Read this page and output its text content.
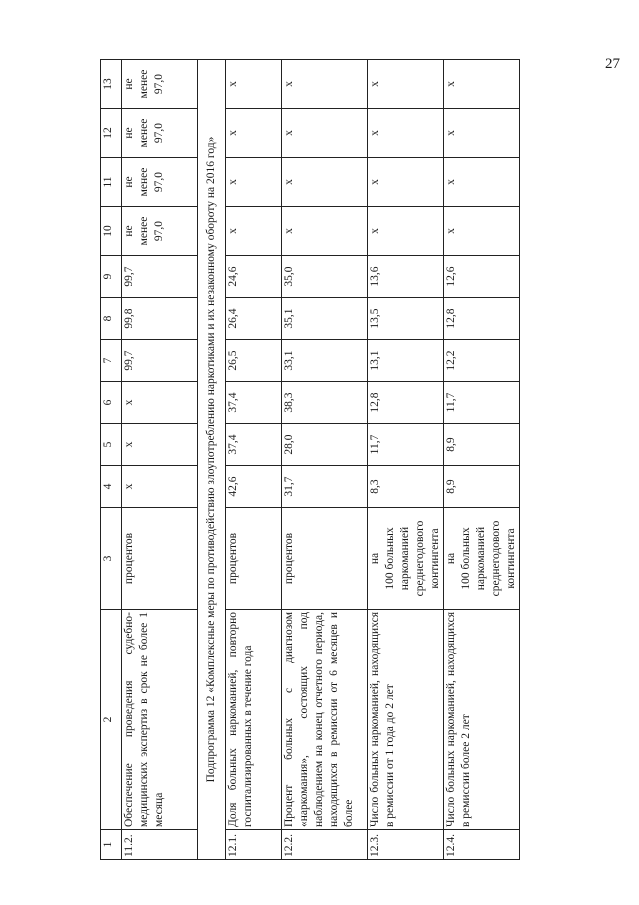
27
1	2	3	4	5	6	7	8	9	10	11	12	13
11.2.	Обеспечение проведения судебно-медицинских экспертиз в срок не более 1 месяца	процентов	х	х	х	99,7	99,8	99,7	не
менее
97,0	не
менее
97,0	не
менее
97,0	не
менее
97,0
Подпрограмма 12 «Комплексные меры по противодействию злоупотреблению наркотиками и их незаконному обороту на 2016 год»												
12.1.	Доля больных наркоманией, повторно госпитализированных в течение года	процентов	42,6	37,4	37,4	26,5	26,4	24,6	х	х	х	х
12.2.	Процент больных с диагнозом «наркомания», состоящих под наблюдением на конец отчетного периода, находящихся в ремиссии от 6 месяцев и более	процентов	31,7	28,0	38,3	33,1	35,1	35,0	х	х	х	х
12.3.	Число больных наркоманией, находящихся в ремиссии от 1 года до 2 лет	на
100 больных
наркоманией
среднегодового
контингента	8,3	11,7	12,8	13,1	13,5	13,6	х	х	х	х
12.4.	Число больных наркоманией, находящихся в ремиссии более 2 лет	на
100 больных
наркоманией
среднегодового
контингента	8,9	8,9	11,7	12,2	12,8	12,6	х	х	х	х
